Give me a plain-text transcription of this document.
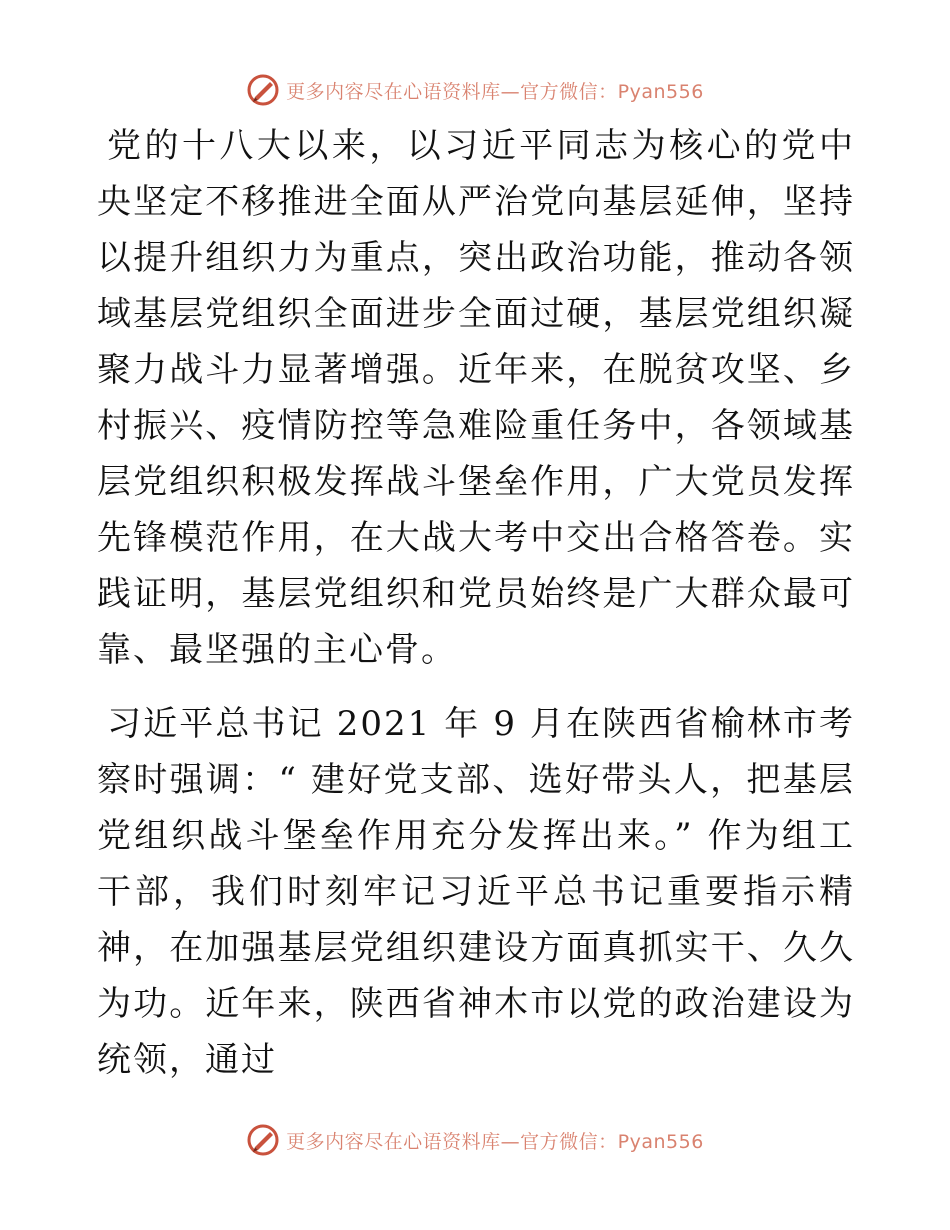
更多内容尽在心语资料库—官方微信：Pyan556

党的十八大以来，以习近平同志为核心的党中央坚定不移推进全面从严治党向基层延伸，坚持以提升组织力为重点，突出政治功能，推动各领域基层党组织全面进步全面过硬，基层党组织凝聚力战斗力显著增强。近年来，在脱贫攻坚、乡村振兴、疫情防控等急难险重任务中，各领域基层党组织积极发挥战斗堡垒作用，广大党员发挥先锋模范作用，在大战大考中交出合格答卷。实践证明，基层党组织和党员始终是广大群众最可靠、最坚强的主心骨。

习近平总书记 2021 年 9 月在陕西省榆林市考察时强调：“ 建好党支部、选好带头人，把基层党组织战斗堡垒作用充分发挥出来。” 作为组工干部，我们时刻牢记习近平总书记重要指示精神，在加强基层党组织建设方面真抓实干、久久为功。近年来，陕西省神木市以党的政治建设为统领，通过

更多内容尽在心语资料库—官方微信：Pyan556
